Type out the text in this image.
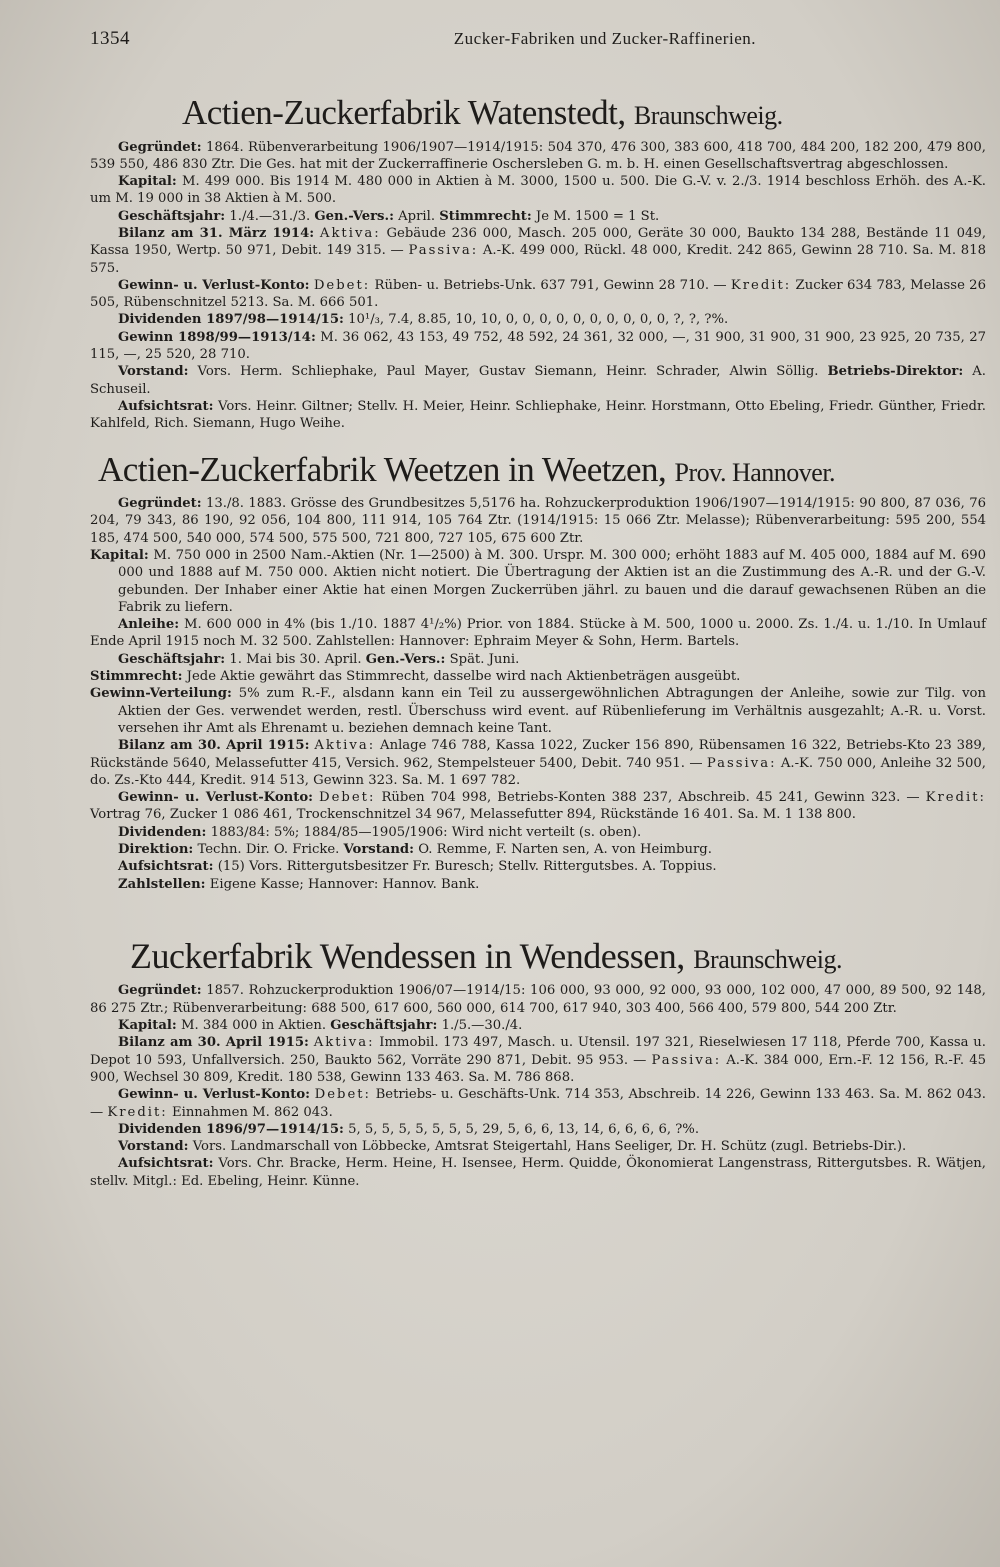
1354	Zucker-Fabriken und Zucker-Raffinerien.
Actien-Zuckerfabrik Watenstedt, Braunschweig.

Gegründet: 1864. Rübenverarbeitung 1906/1907—1914/1915: 504 370, 476 300, 383 600, 418 700, 484 200, 182 200, 479 800, 539 550, 486 830 Ztr. Die Ges. hat mit der Zuckerraffinerie Oschersleben G. m. b. H. einen Gesellschaftsvertrag abgeschlossen.

Kapital: M. 499 000. Bis 1914 M. 480 000 in Aktien à M. 3000, 1500 u. 500. Die G.-V. v. 2./3. 1914 beschloss Erhöh. des A.-K. um M. 19 000 in 38 Aktien à M. 500.

Geschäftsjahr: 1./4.—31./3. Gen.-Vers.: April. Stimmrecht: Je M. 1500 = 1 St.

Bilanz am 31. März 1914: Aktiva: Gebäude 236 000, Masch. 205 000, Geräte 30 000, Baukto 134 288, Bestände 11 049, Kassa 1950, Wertp. 50 971, Debit. 149 315. — Passiva: A.-K. 499 000, Rückl. 48 000, Kredit. 242 865, Gewinn 28 710. Sa. M. 818 575.

Gewinn- u. Verlust-Konto: Debet: Rüben- u. Betriebs-Unk. 637 791, Gewinn 28 710. — Kredit: Zucker 634 783, Melasse 26 505, Rübenschnitzel 5213. Sa. M. 666 501.

Dividenden 1897/98—1914/15: 10¹/₃, 7.4, 8.85, 10, 10, 0, 0, 0, 0, 0, 0, 0, 0, 0, 0, ?, ?, ?%.

Gewinn 1898/99—1913/14: M. 36 062, 43 153, 49 752, 48 592, 24 361, 32 000, —, 31 900, 31 900, 31 900, 23 925, 20 735, 27 115, —, 25 520, 28 710.

Vorstand: Vors. Herm. Schliephake, Paul Mayer, Gustav Siemann, Heinr. Schrader, Alwin Söllig. Betriebs-Direktor: A. Schuseil.

Aufsichtsrat: Vors. Heinr. Giltner; Stellv. H. Meier, Heinr. Schliephake, Heinr. Horstmann, Otto Ebeling, Friedr. Günther, Friedr. Kahlfeld, Rich. Siemann, Hugo Weihe.

Actien-Zuckerfabrik Weetzen in Weetzen, Prov. Hannover.

Gegründet: 13./8. 1883. Grösse des Grundbesitzes 5,5176 ha. Rohzuckerproduktion 1906/1907—1914/1915: 90 800, 87 036, 76 204, 79 343, 86 190, 92 056, 104 800, 111 914, 105 764 Ztr. (1914/1915: 15 066 Ztr. Melasse); Rübenverarbeitung: 595 200, 554 185, 474 500, 540 000, 574 500, 575 500, 721 800, 727 105, 675 600 Ztr.

Kapital: M. 750 000 in 2500 Nam.-Aktien (Nr. 1—2500) à M. 300. Urspr. M. 300 000; erhöht 1883 auf M. 405 000, 1884 auf M. 690 000 und 1888 auf M. 750 000. Aktien nicht notiert. Die Übertragung der Aktien ist an die Zustimmung des A.-R. und der G.-V. gebunden. Der Inhaber einer Aktie hat einen Morgen Zuckerrüben jährl. zu bauen und die darauf gewachsenen Rüben an die Fabrik zu liefern.

Anleihe: M. 600 000 in 4% (bis 1./10. 1887 4¹/₂%) Prior. von 1884. Stücke à M. 500, 1000 u. 2000. Zs. 1./4. u. 1./10. In Umlauf Ende April 1915 noch M. 32 500. Zahlstellen: Hannover: Ephraim Meyer & Sohn, Herm. Bartels.

Geschäftsjahr: 1. Mai bis 30. April. Gen.-Vers.: Spät. Juni.

Stimmrecht: Jede Aktie gewährt das Stimmrecht, dasselbe wird nach Aktienbeträgen ausgeübt.

Gewinn-Verteilung: 5% zum R.-F., alsdann kann ein Teil zu aussergewöhnlichen Abtragungen der Anleihe, sowie zur Tilg. von Aktien der Ges. verwendet werden, restl. Überschuss wird event. auf Rübenlieferung im Verhältnis ausgezahlt; A.-R. u. Vorst. versehen ihr Amt als Ehrenamt u. beziehen demnach keine Tant.

Bilanz am 30. April 1915: Aktiva: Anlage 746 788, Kassa 1022, Zucker 156 890, Rübensamen 16 322, Betriebs-Kto 23 389, Rückstände 5640, Melassefutter 415, Versich. 962, Stempelsteuer 5400, Debit. 740 951. — Passiva: A.-K. 750 000, Anleihe 32 500, do. Zs.-Kto 444, Kredit. 914 513, Gewinn 323. Sa. M. 1 697 782.

Gewinn- u. Verlust-Konto: Debet: Rüben 704 998, Betriebs-Konten 388 237, Abschreib. 45 241, Gewinn 323. — Kredit: Vortrag 76, Zucker 1 086 461, Trockenschnitzel 34 967, Melassefutter 894, Rückstände 16 401. Sa. M. 1 138 800.

Dividenden: 1883/84: 5%; 1884/85—1905/1906: Wird nicht verteilt (s. oben).

Direktion: Techn. Dir. O. Fricke. Vorstand: O. Remme, F. Narten sen, A. von Heimburg.

Aufsichtsrat: (15) Vors. Rittergutsbesitzer Fr. Buresch; Stellv. Rittergutsbes. A. Toppius.

Zahlstellen: Eigene Kasse; Hannover: Hannov. Bank.

Zuckerfabrik Wendessen in Wendessen, Braunschweig.

Gegründet: 1857. Rohzuckerproduktion 1906/07—1914/15: 106 000, 93 000, 92 000, 93 000, 102 000, 47 000, 89 500, 92 148, 86 275 Ztr.; Rübenverarbeitung: 688 500, 617 600, 560 000, 614 700, 617 940, 303 400, 566 400, 579 800, 544 200 Ztr.

Kapital: M. 384 000 in Aktien. Geschäftsjahr: 1./5.—30./4.

Bilanz am 30. April 1915: Aktiva: Immobil. 173 497, Masch. u. Utensil. 197 321, Rieselwiesen 17 118, Pferde 700, Kassa u. Depot 10 593, Unfallversich. 250, Baukto 562, Vorräte 290 871, Debit. 95 953. — Passiva: A.-K. 384 000, Ern.-F. 12 156, R.-F. 45 900, Wechsel 30 809, Kredit. 180 538, Gewinn 133 463. Sa. M. 786 868.

Gewinn- u. Verlust-Konto: Debet: Betriebs- u. Geschäfts-Unk. 714 353, Abschreib. 14 226, Gewinn 133 463. Sa. M. 862 043. — Kredit: Einnahmen M. 862 043.

Dividenden 1896/97—1914/15: 5, 5, 5, 5, 5, 5, 5, 5, 29, 5, 6, 6, 13, 14, 6, 6, 6, 6, ?%.

Vorstand: Vors. Landmarschall von Löbbecke, Amtsrat Steigertahl, Hans Seeliger, Dr. H. Schütz (zugl. Betriebs-Dir.).

Aufsichtsrat: Vors. Chr. Bracke, Herm. Heine, H. Isensee, Herm. Quidde, Ökonomierat Langenstrass, Rittergutsbes. R. Wätjen, stellv. Mitgl.: Ed. Ebeling, Heinr. Künne.
